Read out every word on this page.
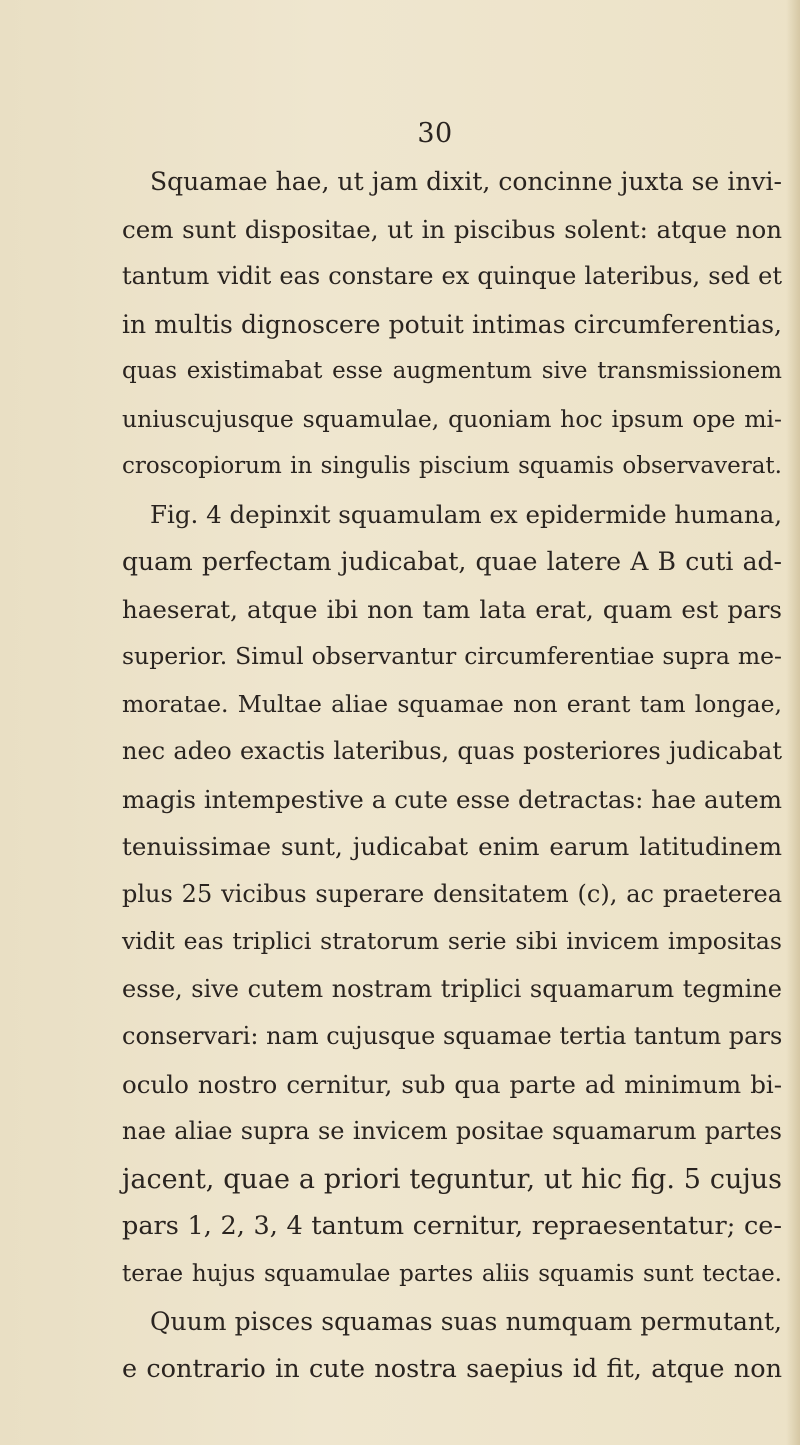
30
Squamae hae, ut jam dixit, concinne juxta se invi-
cem sunt dispositae, ut in piscibus solent: atque non
tantum vidit eas constare ex quinque lateribus, sed et
in multis dignoscere potuit intimas circumferentias,
quas existimabat esse augmentum sive transmissionem
uniuscujusque squamulae, quoniam hoc ipsum ope mi-
croscopiorum in singulis piscium squamis observaverat.
Fig. 4 depinxit squamulam ex epidermide humana,
quam perfectam judicabat, quae latere A B cuti ad-
haeserat, atque ibi non tam lata erat, quam est pars
superior. Simul observantur circumferentiae supra me-
moratae. Multae aliae squamae non erant tam longae,
nec adeo exactis lateribus, quas posteriores judicabat
magis intempestive a cute esse detractas: hae autem
tenuissimae sunt, judicabat enim earum latitudinem
plus 25 vicibus superare densitatem (c), ac praeterea
vidit eas triplici stratorum serie sibi invicem impositas
esse, sive cutem nostram triplici squamarum tegmine
conservari: nam cujusque squamae tertia tantum pars
oculo nostro cernitur, sub qua parte ad minimum bi-
nae aliae supra se invicem positae squamarum partes
jacent, quae a priori teguntur, ut hic fig. 5 cujus
pars 1, 2, 3, 4 tantum cernitur, repraesentatur; ce-
terae hujus squamulae partes aliis squamis sunt tectae.
Quum pisces squamas suas numquam permutant,
e contrario in cute nostra saepius id fit, atque non
